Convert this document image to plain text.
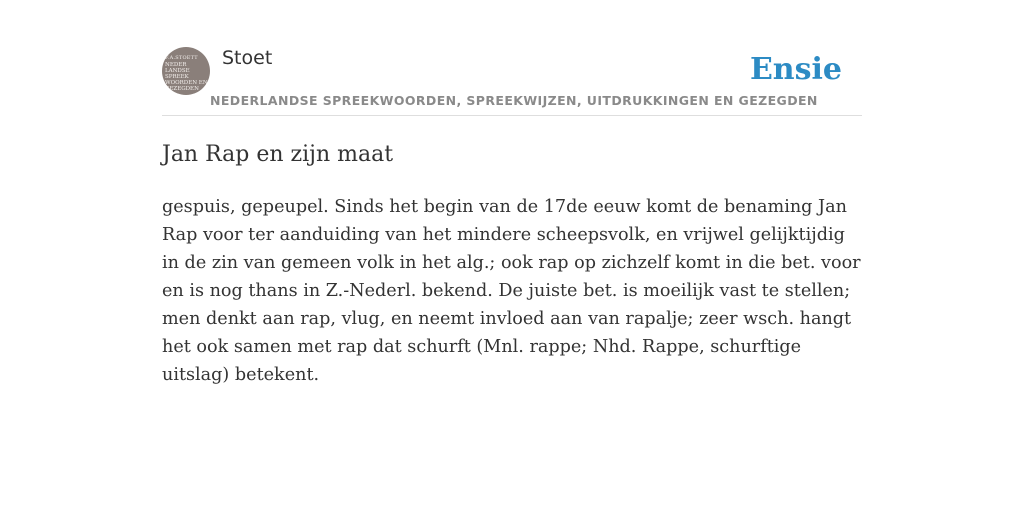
F.A.STOETT
NEDER
LANDSE
SPREEK
WOORDEN EN
GEZEGDEN
Stoet
NEDERLANDSE SPREEKWOORDEN, SPREEKWIJZEN, UITDRUKKINGEN EN GEZEGDEN
Ensie
Jan Rap en zijn maat

gespuis, gepeupel. Sinds het begin van de 17de eeuw komt de benaming Jan Rap voor ter aanduiding van het mindere scheepsvolk, en vrijwel gelijktijdig in de zin van gemeen volk in het alg.; ook rap op zichzelf komt in die bet. voor en is nog thans in Z.-Nederl. bekend. De juiste bet. is moeilijk vast te stellen; men denkt aan rap, vlug, en neemt invloed aan van rapalje; zeer wsch. hangt het ook samen met rap dat schurft (Mnl. rappe; Nhd. Rappe, schurftige uitslag) betekent.
